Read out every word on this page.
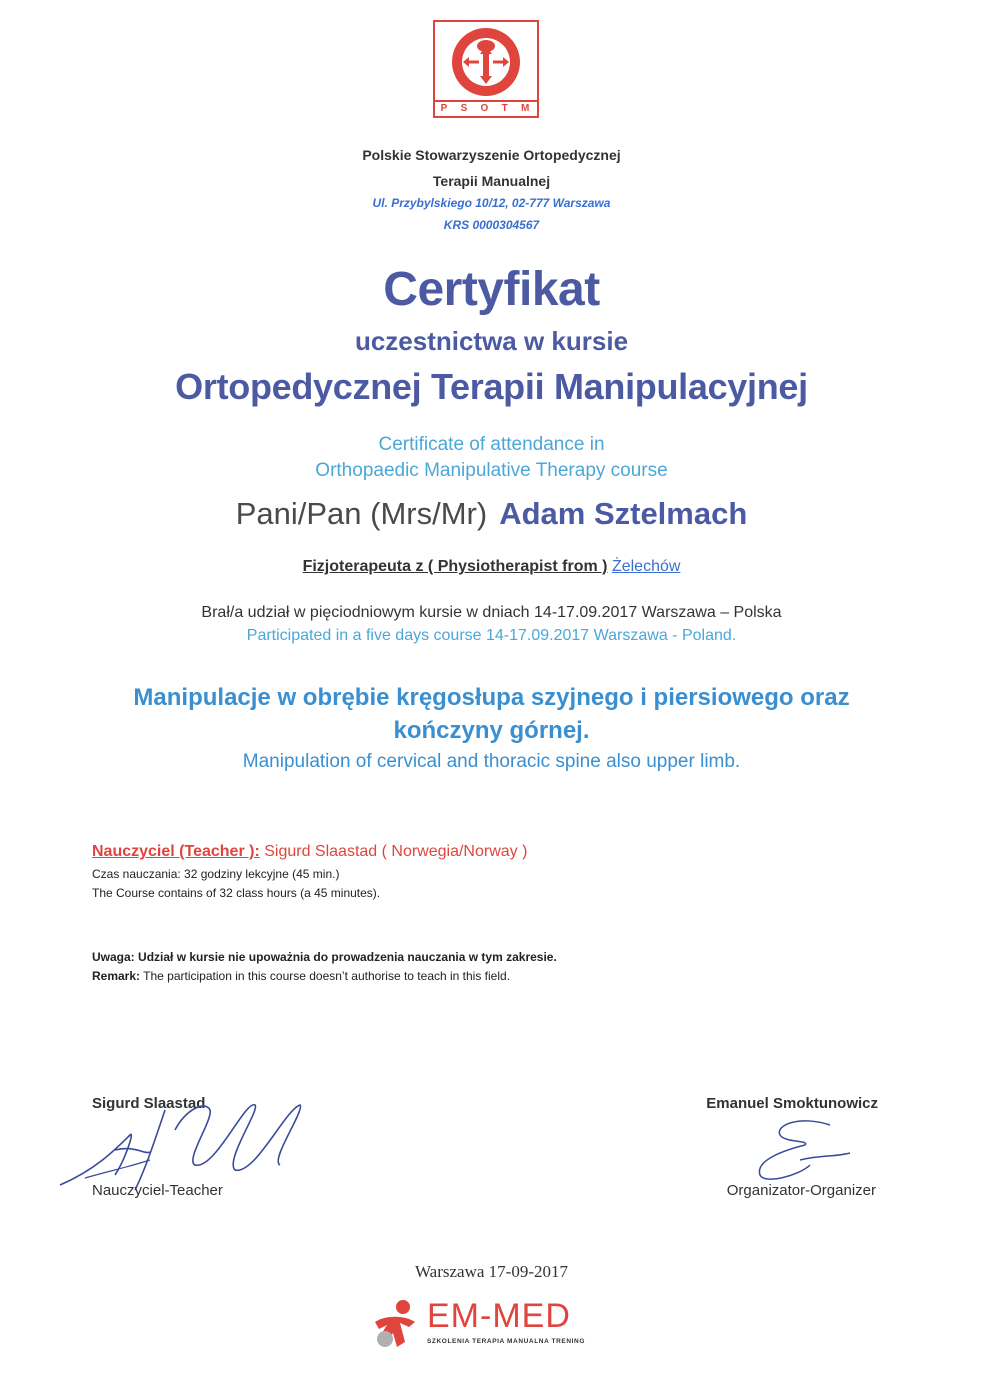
P S O T M
Polskie Stowarzyszenie Ortopedycznej
Terapii Manualnej
Ul. Przybylskiego 10/12, 02-777 Warszawa
KRS 0000304567
Certyfikat
uczestnictwa w kursie
Ortopedycznej Terapii Manipulacyjnej
Certificate of attendance in
Orthopaedic Manipulative Therapy course
Pani/Pan (Mrs/Mr) Adam Sztelmach
Fizjoterapeuta z ( Physiotherapist from ) Żelechów
Brał/a udział w pięciodniowym kursie w dniach 14-17.09.2017 Warszawa – Polska
Participated in a five days course 14-17.09.2017 Warszawa - Poland.
Manipulacje w obrębie kręgosłupa szyjnego i piersiowego oraz
kończyny górnej.
Manipulation of cervical and thoracic spine also upper limb.
Nauczyciel (Teacher ): Sigurd Slaastad ( Norwegia/Norway )
Czas nauczania: 32 godziny lekcyjne (45 min.)
The Course contains of 32 class hours (a 45 minutes).
Uwaga: Udział w kursie nie upoważnia do prowadzenia nauczania w tym zakresie.
Remark: The participation in this course doesn’t authorise to teach in this field.
Sigurd Slaastad
Nauczyciel-Teacher
Emanuel Smoktunowicz
Organizator-Organizer
Warszawa 17-09-2017
EM-MED
SZKOLENIA TERAPIA MANUALNA TRENING
